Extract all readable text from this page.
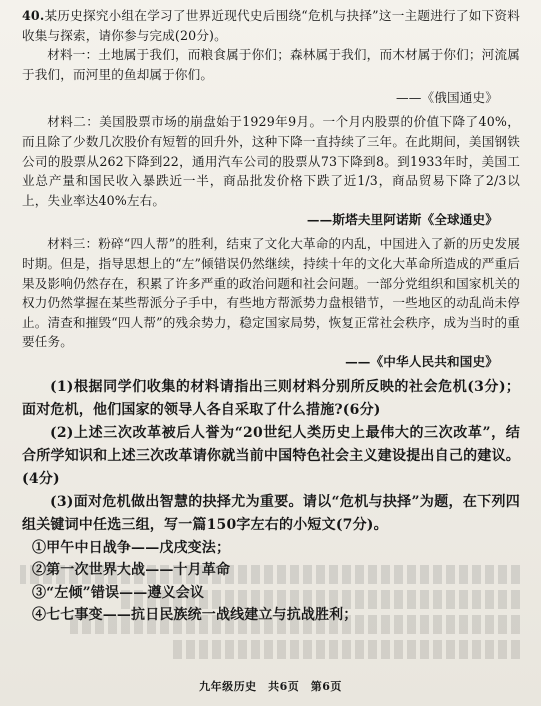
40.某历史探究小组在学习了世界近现代史后围绕“危机与抉择”这一主题进行了如下资料收集与探索，请你参与完成(20分)。

材料一：土地属于我们，而粮食属于你们；森林属于我们，而木材属于你们；河流属于我们，而河里的鱼却属于你们。

——《俄国通史》

材料二：美国股票市场的崩盘始于1929年9月。一个月内股票的价值下降了40%，而且除了少数几次股价有短暂的回升外，这种下降一直持续了三年。在此期间，美国钢铁公司的股票从262下降到22，通用汽车公司的股票从73下降到8。到1933年时，美国工业总产量和国民收入暴跌近一半，商品批发价格下跌了近1/3，商品贸易下降了2/3以上，失业率达40%左右。

——斯塔夫里阿诺斯《全球通史》

材料三：粉碎“四人帮”的胜利，结束了文化大革命的内乱，中国进入了新的历史发展时期。但是，指导思想上的“左”倾错误仍然继续，持续十年的文化大革命所造成的严重后果及影响仍然存在，积累了许多严重的政治问题和社会问题。一部分党组织和国家机关的权力仍然掌握在某些帮派分子手中，有些地方帮派势力盘根错节，一些地区的动乱尚未停止。清查和摧毁“四人帮”的残余势力，稳定国家局势，恢复正常社会秩序，成为当时的重要任务。

——《中华人民共和国史》

(1)根据同学们收集的材料请指出三则材料分别所反映的社会危机(3分)；面对危机，他们国家的领导人各自采取了什么措施?(6分)

(2)上述三次改革被后人誉为“20世纪人类历史上最伟大的三次改革”，结合所学知识和上述三次改革请你就当前中国特色社会主义建设提出自己的建议。(4分)

(3)面对危机做出智慧的抉择尤为重要。请以“危机与抉择”为题，在下列四组关键词中任选三组，写一篇150字左右的小短文(7分)。

①甲午中日战争——戊戌变法；

②第一次世界大战——十月革命

③“左倾”错误——遵义会议

④七七事变——抗日民族统一战线建立与抗战胜利；

九年级历史　共6页　第6页
